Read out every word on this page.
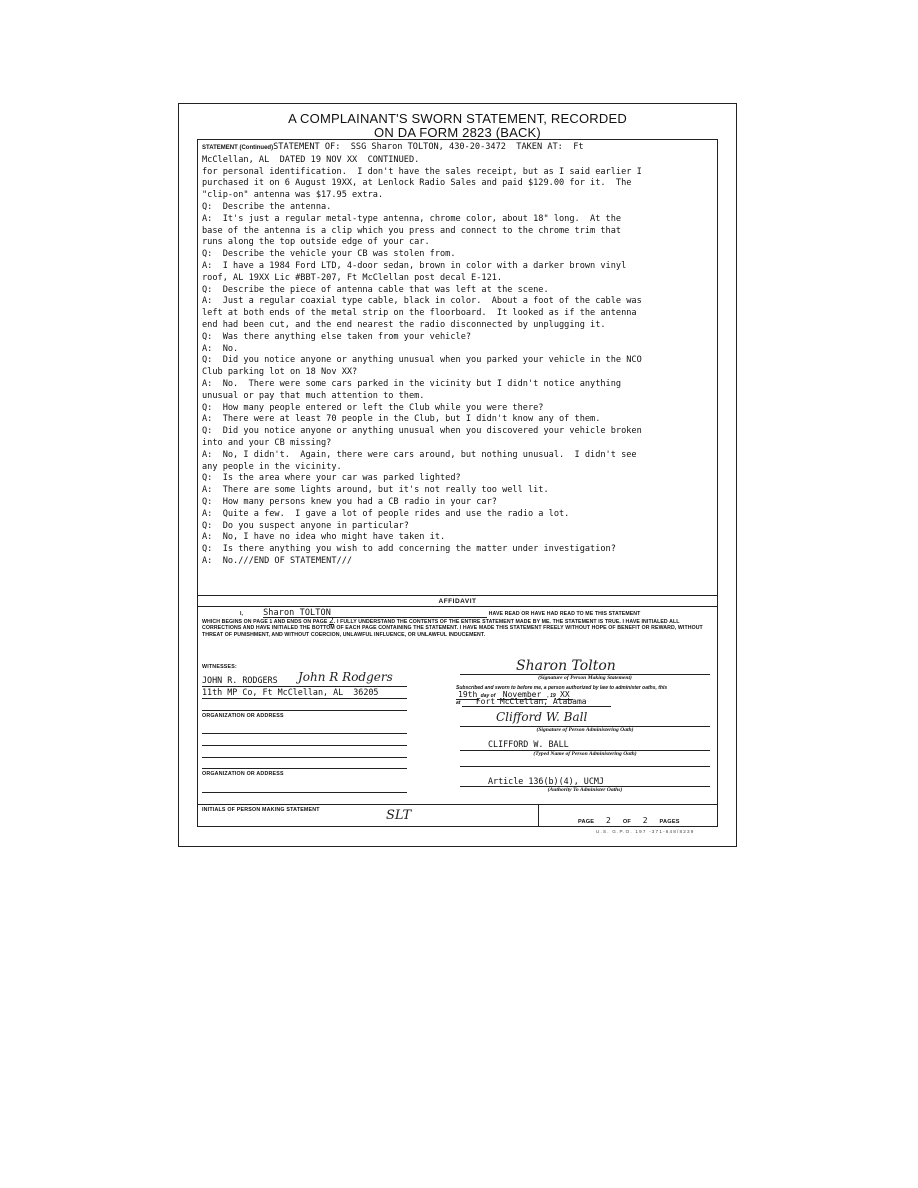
A COMPLAINANT'S SWORN STATEMENT, RECORDED
ON DA FORM 2823 (BACK)
STATEMENT (Continued)STATEMENT OF:  SSG Sharon TOLTON, 430-20-3472  TAKEN AT:  Ft
McClellan, AL  DATED 19 NOV XX  CONTINUED.
for personal identification.  I don't have the sales receipt, but as I said earlier I
purchased it on 6 August 19XX, at Lenlock Radio Sales and paid $129.00 for it.  The
"clip-on" antenna was $17.95 extra.
Q:  Describe the antenna.
A:  It's just a regular metal-type antenna, chrome color, about 18" long.  At the
base of the antenna is a clip which you press and connect to the chrome trim that
runs along the top outside edge of your car.
Q:  Describe the vehicle your CB was stolen from.
A:  I have a 1984 Ford LTD, 4-door sedan, brown in color with a darker brown vinyl
roof, AL 19XX Lic #BBT-207, Ft McClellan post decal E-121.
Q:  Describe the piece of antenna cable that was left at the scene.
A:  Just a regular coaxial type cable, black in color.  About a foot of the cable was
left at both ends of the metal strip on the floorboard.  It looked as if the antenna
end had been cut, and the end nearest the radio disconnected by unplugging it.
Q:  Was there anything else taken from your vehicle?
A:  No.
Q:  Did you notice anyone or anything unusual when you parked your vehicle in the NCO
Club parking lot on 18 Nov XX?
A:  No.  There were some cars parked in the vicinity but I didn't notice anything
unusual or pay that much attention to them.
Q:  How many people entered or left the Club while you were there?
A:  There were at least 70 people in the Club, but I didn't know any of them.
Q:  Did you notice anyone or anything unusual when you discovered your vehicle broken
into and your CB missing?
A:  No, I didn't.  Again, there were cars around, but nothing unusual.  I didn't see
any people in the vicinity.
Q:  Is the area where your car was parked lighted?
A:  There are some lights around, but it's not really too well lit.
Q:  How many persons knew you had a CB radio in your car?
A:  Quite a few.  I gave a lot of people rides and use the radio a lot.
Q:  Do you suspect anyone in particular?
A:  No, I have no idea who might have taken it.
Q:  Is there anything you wish to add concerning the matter under investigation?
A:  No.///END OF STATEMENT///
AFFIDAVIT
I, Sharon TOLTON	HAVE READ OR HAVE HAD READ TO ME THIS STATEMENT
WHICH BEGINS ON PAGE 1 AND ENDS ON PAGE 2. I FULLY UNDERSTAND THE CONTENTS OF THE ENTIRE STATEMENT MADE BY ME. THE STATEMENT IS TRUE. I HAVE INITIALED ALL CORRECTIONS AND HAVE INITIALED THE BOTTOM OF EACH PAGE CONTAINING THE STATEMENT. I HAVE MADE THIS STATEMENT FREELY WITHOUT HOPE OF BENEFIT OR REWARD, WITHOUT THREAT OF PUNISHMENT, AND WITHOUT COERCION, UNLAWFUL INFLUENCE, OR UNLAWFUL INDUCEMENT.
WITNESSES:
JOHN R. RODGERS John R Rodgers
11th MP Co, Ft McClellan, AL  36205
ORGANIZATION OR ADDRESS
ORGANIZATION OR ADDRESS
Sharon Tolton
(Signature of Person Making Statement)
Subscribed and sworn to before me, a person authorized by law to administer oaths, this
19th day of November , 19 XX
at Fort McClellan, Alabama
Clifford W. Ball
(Signature of Person Administering Oath)
CLIFFORD W. BALL
(Typed Name of Person Administering Oath)
Article 136(b)(4), UCMJ
(Authority To Administer Oaths)
INITIALS OF PERSON MAKING STATEMENT	SLT	PAGE 2 OF 2 PAGES
U.S. G.P.O. 197 -371-648/8239
